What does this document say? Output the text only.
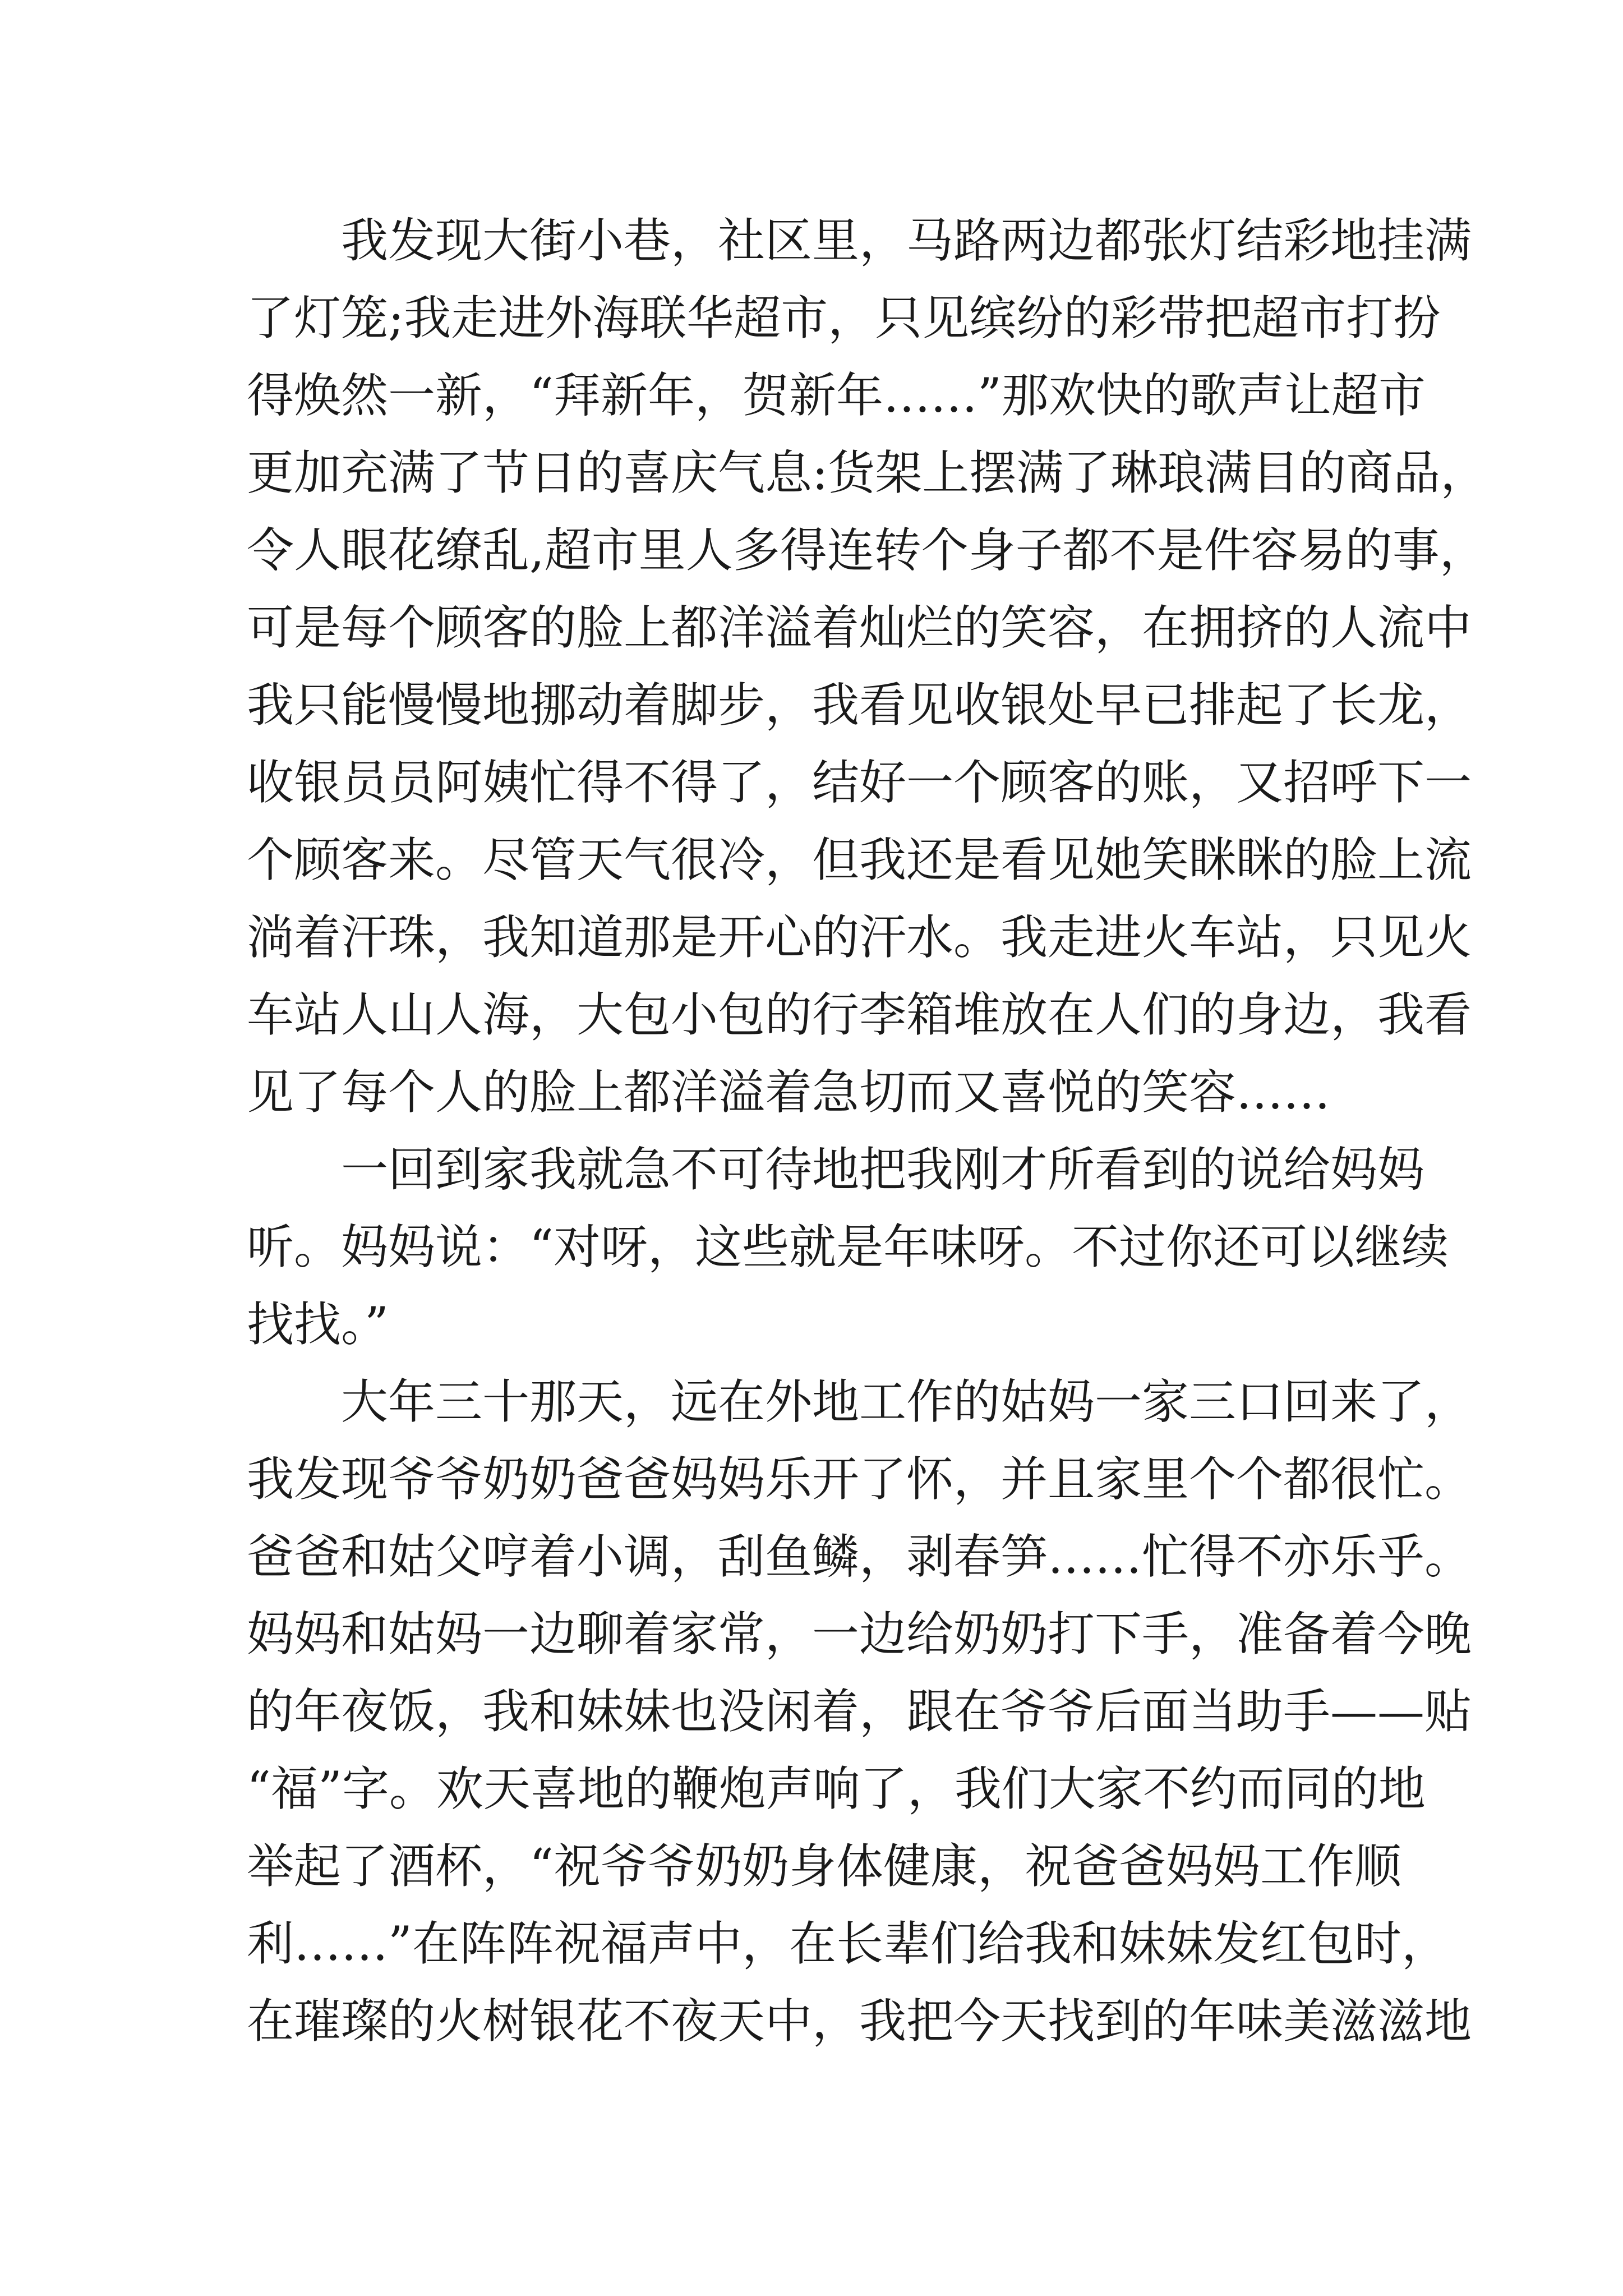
我发现大街小巷，社区里，马路两边都张灯结彩地挂满
了灯笼;我走进外海联华超市，只见缤纷的彩带把超市打扮
得焕然一新，“拜新年，贺新年……”那欢快的歌声让超市
更加充满了节日的喜庆气息:货架上摆满了琳琅满目的商品，
令人眼花缭乱,超市里人多得连转个身子都不是件容易的事，
可是每个顾客的脸上都洋溢着灿烂的笑容，在拥挤的人流中
我只能慢慢地挪动着脚步，我看见收银处早已排起了长龙，
收银员员阿姨忙得不得了，结好一个顾客的账，又招呼下一
个顾客来。尽管天气很冷，但我还是看见她笑眯眯的脸上流
淌着汗珠，我知道那是开心的汗水。我走进火车站，只见火
车站人山人海，大包小包的行李箱堆放在人们的身边，我看
见了每个人的脸上都洋溢着急切而又喜悦的笑容……
一回到家我就急不可待地把我刚才所看到的说给妈妈
听。妈妈说：“对呀，这些就是年味呀。不过你还可以继续
找找。”
大年三十那天，远在外地工作的姑妈一家三口回来了，
我发现爷爷奶奶爸爸妈妈乐开了怀，并且家里个个都很忙。
爸爸和姑父哼着小调，刮鱼鳞，剥春笋……忙得不亦乐乎。
妈妈和姑妈一边聊着家常，一边给奶奶打下手，准备着今晚
的年夜饭，我和妹妹也没闲着，跟在爷爷后面当助手——贴
“福”字。欢天喜地的鞭炮声响了，我们大家不约而同的地
举起了酒杯，“祝爷爷奶奶身体健康，祝爸爸妈妈工作顺
利……”在阵阵祝福声中，在长辈们给我和妹妹发红包时，
在璀璨的火树银花不夜天中，我把今天找到的年味美滋滋地
